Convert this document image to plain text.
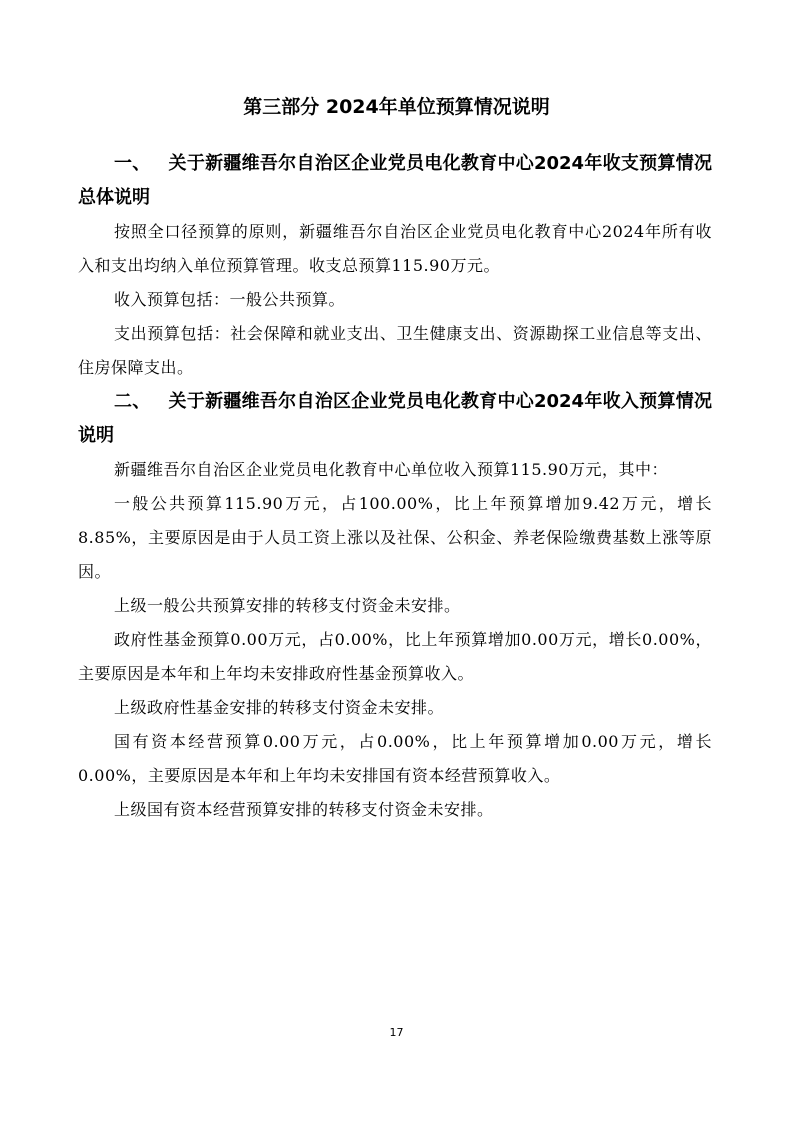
第三部分 2024年单位预算情况说明

一、 关于新疆维吾尔自治区企业党员电化教育中心2024年收支预算情况总体说明

按照全口径预算的原则，新疆维吾尔自治区企业党员电化教育中心2024年所有收入和支出均纳入单位预算管理。收支总预算115.90万元。

收入预算包括：一般公共预算。

支出预算包括：社会保障和就业支出、卫生健康支出、资源勘探工业信息等支出、住房保障支出。

二、 关于新疆维吾尔自治区企业党员电化教育中心2024年收入预算情况说明

新疆维吾尔自治区企业党员电化教育中心单位收入预算115.90万元，其中：

一般公共预算115.90万元，占100.00%，比上年预算增加9.42万元，增长8.85%，主要原因是由于人员工资上涨以及社保、公积金、养老保险缴费基数上涨等原因。

上级一般公共预算安排的转移支付资金未安排。

政府性基金预算0.00万元，占0.00%，比上年预算增加0.00万元，增长0.00%，主要原因是本年和上年均未安排政府性基金预算收入。

上级政府性基金安排的转移支付资金未安排。

国有资本经营预算0.00万元，占0.00%，比上年预算增加0.00万元，增长0.00%，主要原因是本年和上年均未安排国有资本经营预算收入。

上级国有资本经营预算安排的转移支付资金未安排。

17
